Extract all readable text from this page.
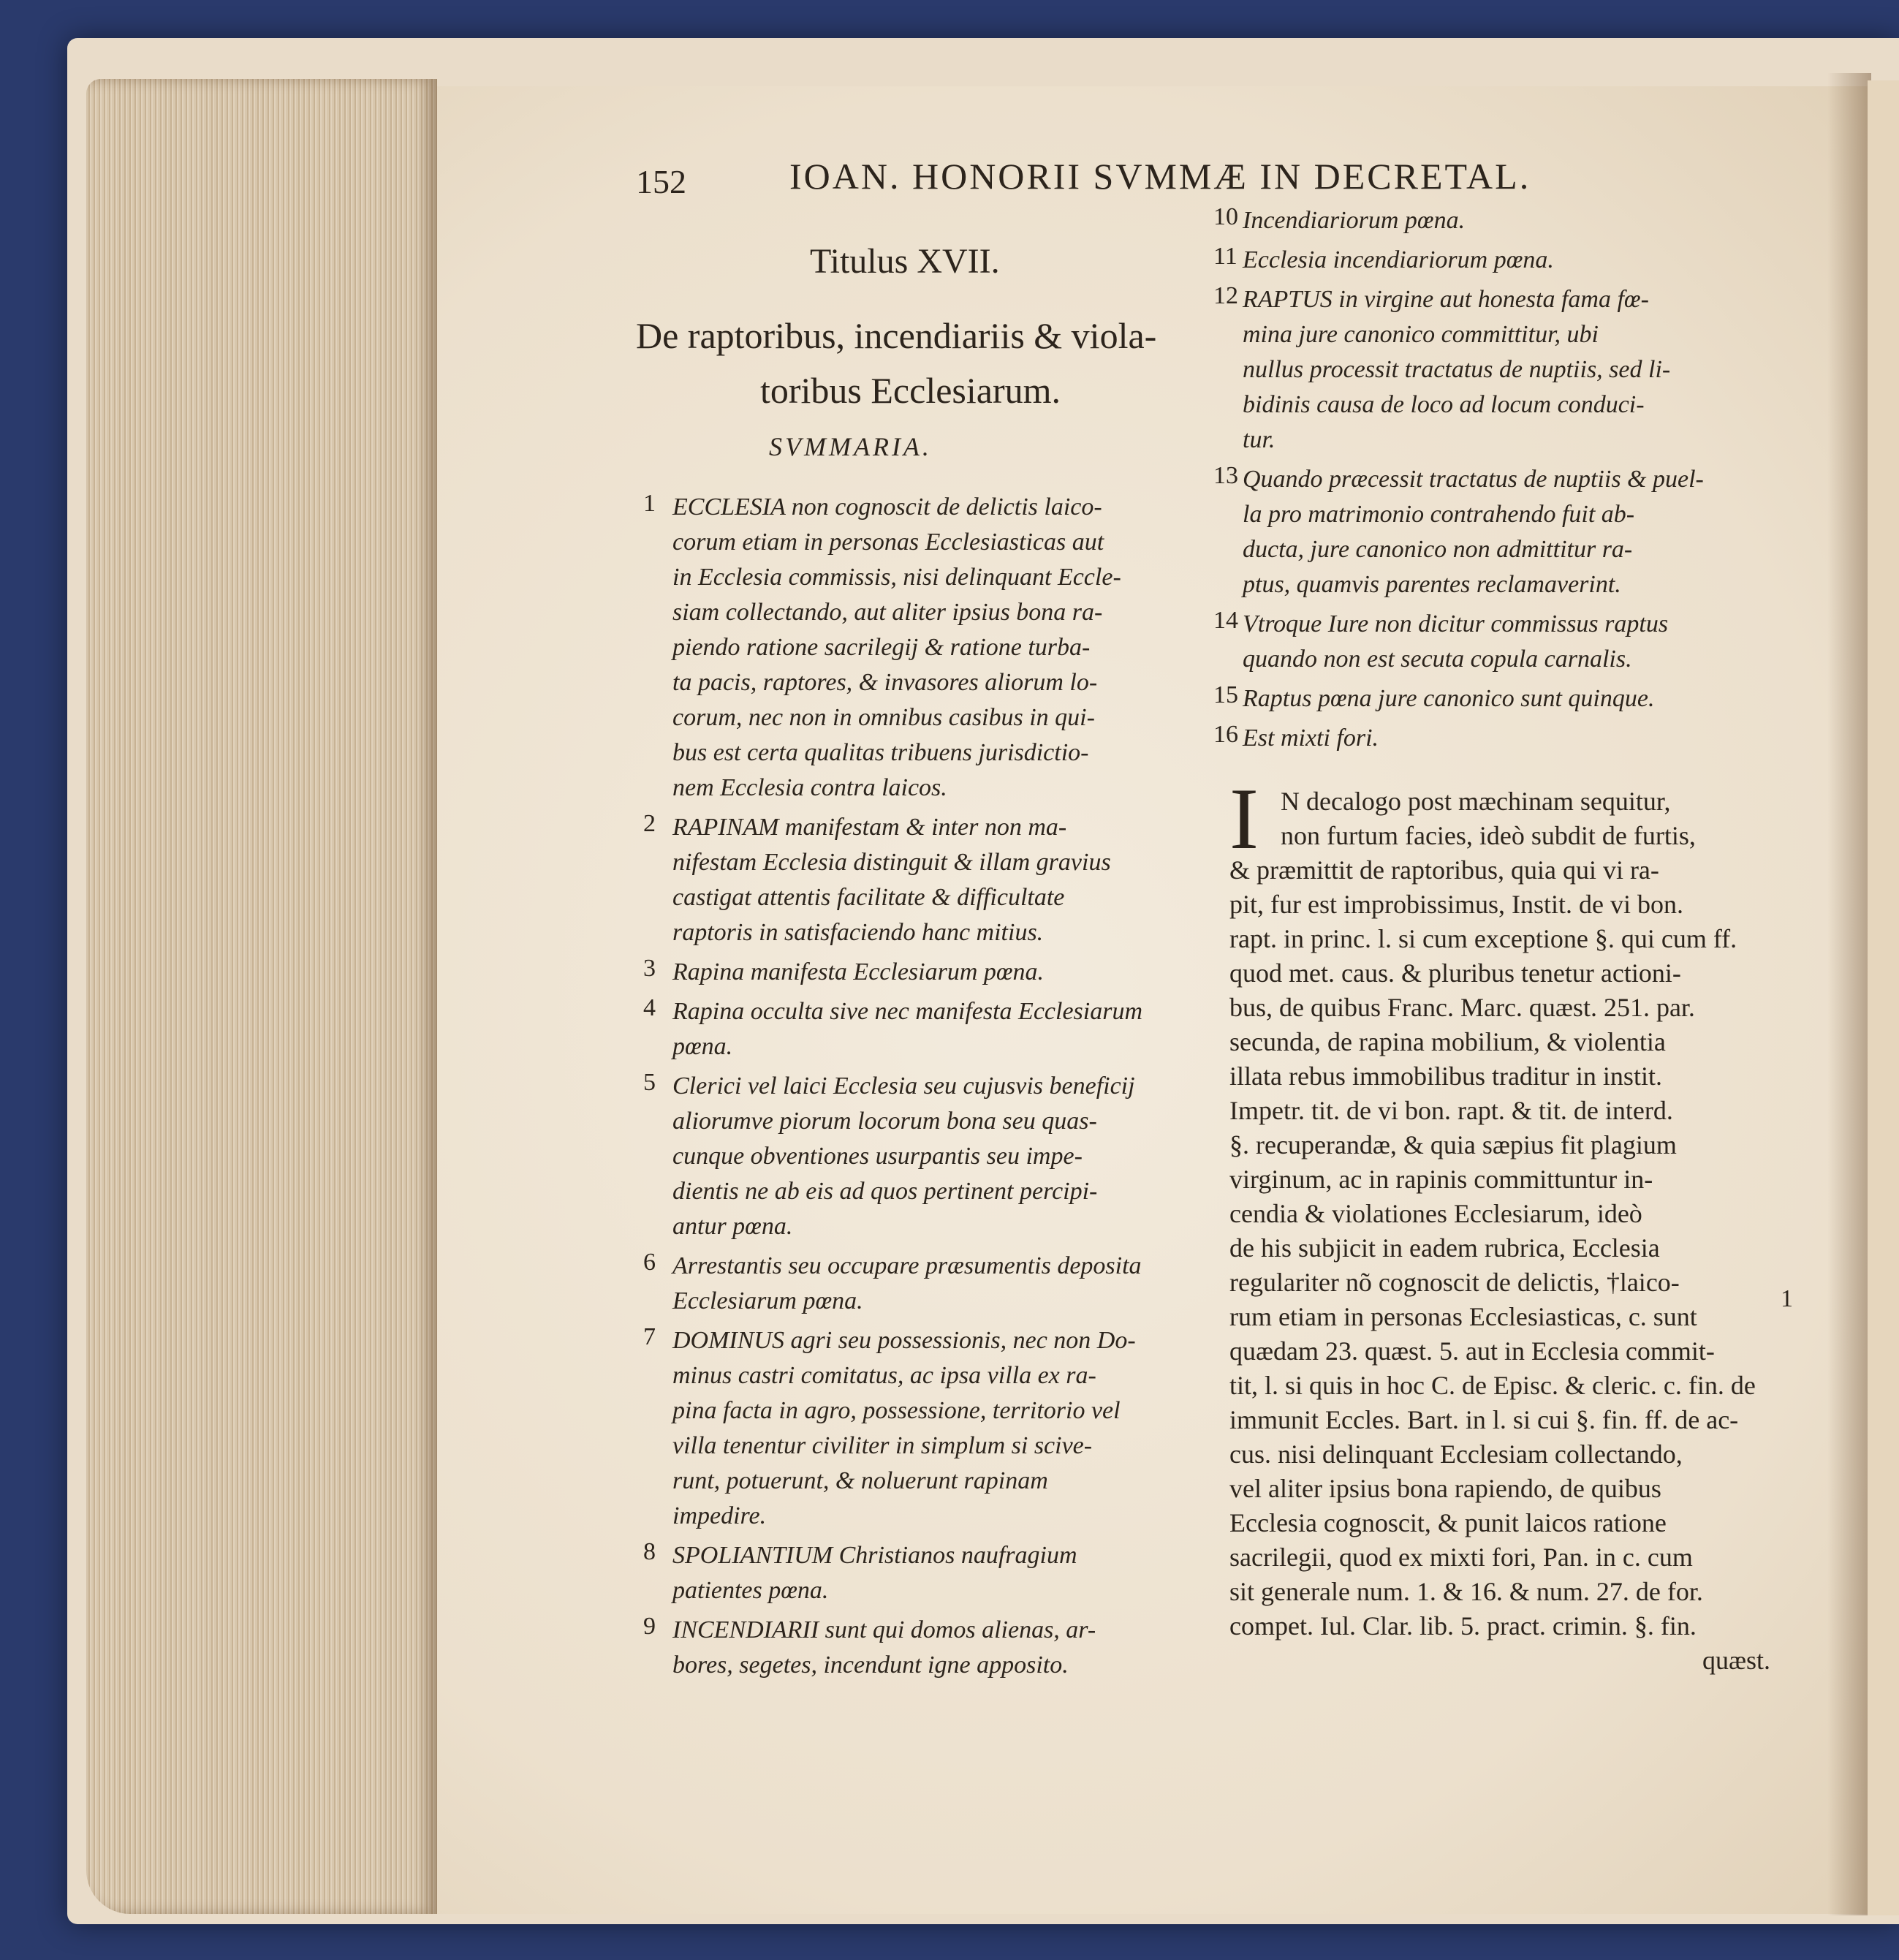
152	IOAN. HONORII SVMMÆ IN DECRETAL.
Titulus XVII.
De raptoribus, incendiariis & viola-
toribus Ecclesiarum.
SVMMARIA.
1 ECCLESIA non cognoscit de delictis laico-
corum etiam in personas Ecclesiasticas aut
in Ecclesia commissis, nisi delinquant Eccle-
siam collectando, aut aliter ipsius bona ra-
piendo ratione sacrilegij & ratione turba-
ta pacis, raptores, & invasores aliorum lo-
corum, nec non in omnibus casibus in qui-
bus est certa qualitas tribuens jurisdictio-
nem Ecclesia contra laicos.
2 RAPINAM manifestam & inter non ma-
nifestam Ecclesia distinguit & illam gravius
castigat attentis facilitate & difficultate
raptoris in satisfaciendo hanc mitius.
3 Rapina manifesta Ecclesiarum pœna.
4 Rapina occulta sive nec manifesta Ecclesiarum
pœna.
5 Clerici vel laici Ecclesia seu cujusvis beneficij
aliorumve piorum locorum bona seu quas-
cunque obventiones usurpantis seu impe-
dientis ne ab eis ad quos pertinent percipi-
antur pœna.
6 Arrestantis seu occupare præsumentis deposita
Ecclesiarum pœna.
7 DOMINUS agri seu possessionis, nec non Do-
minus castri comitatus, ac ipsa villa ex ra-
pina facta in agro, possessione, territorio vel
villa tenentur civiliter in simplum si scive-
runt, potuerunt, & noluerunt rapinam
impedire.
8 SPOLIANTIUM Christianos naufragium
patientes pœna.
9 INCENDIARII sunt qui domos alienas, ar-
bores, segetes, incendunt igne apposito.
10 Incendiariorum pœna.
11 Ecclesia incendiariorum pœna.
12 RAPTUS in virgine aut honesta fama fœ-
mina jure canonico committitur, ubi
nullus processit tractatus de nuptiis, sed li-
bidinis causa de loco ad locum conduci-
tur.
13 Quando præcessit tractatus de nuptiis & puel-
la pro matrimonio contrahendo fuit ab-
ducta, jure canonico non admittitur ra-
ptus, quamvis parentes reclamaverint.
14 Vtroque Iure non dicitur commissus raptus
quando non est secuta copula carnalis.
15 Raptus pœna jure canonico sunt quinque.
16 Est mixti fori.
I N decalogo post mæchinam sequitur,
non furtum facies, ideò subdit de furtis,
& præmittit de raptoribus, quia qui vi ra-
pit, fur est improbissimus, Instit. de vi bon.
rapt. in princ. l. si cum exceptione §. qui cum ff.
quod met. caus. & pluribus tenetur actioni-
bus, de quibus Franc. Marc. quæst. 251. par.
secunda, de rapina mobilium, & violentia
illata rebus immobilibus traditur in instit.
Impetr. tit. de vi bon. rapt. & tit. de interd.
§. recuperandæ, & quia sæpius fit plagium
virginum, ac in rapinis committuntur in-
cendia & violationes Ecclesiarum, ideò
de his subjicit in eadem rubrica, Ecclesia
regulariter nõ cognoscit de delictis, †laico-
rum etiam in personas Ecclesiasticas, c. sunt
quædam 23. quæst. 5. aut in Ecclesia commit-
tit, l. si quis in hoc C. de Episc. & cleric. c. fin. de
immunit Eccles. Bart. in l. si cui §. fin. ff. de ac-
cus. nisi delinquant Ecclesiam collectando,
vel aliter ipsius bona rapiendo, de quibus
Ecclesia cognoscit, & punit laicos ratione
sacrilegii, quod ex mixti fori, Pan. in c. cum
sit generale num. 1. & 16. & num. 27. de for.
compet. Iul. Clar. lib. 5. pract. crimin. §. fin.
quæst.
1
